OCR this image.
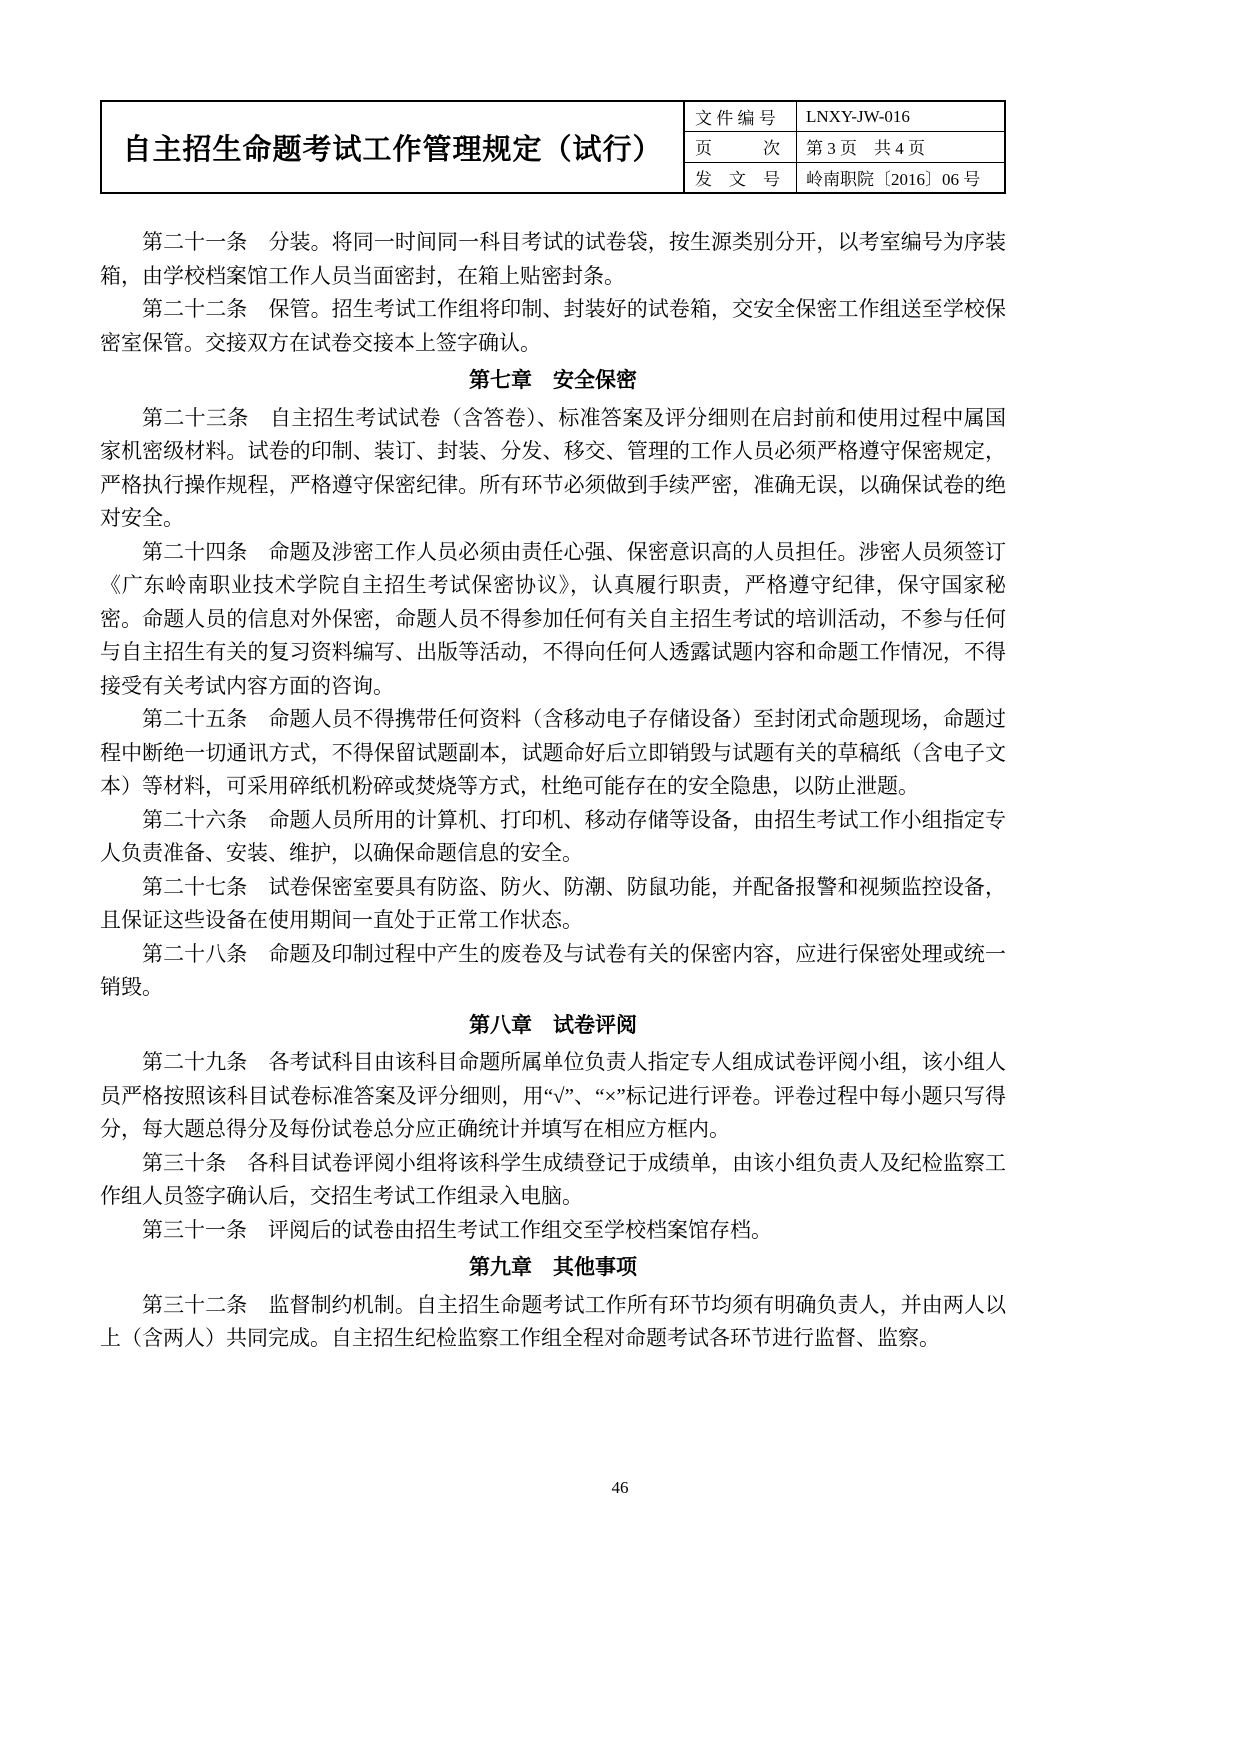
自主招生命题考试工作管理规定（试行）
文 件 编 号	LNXY-JW-016
页　　　次	第 3 页　共 4 页
发　文　号	岭南职院〔2016〕06 号

第二十一条　分装。将同一时间同一科目考试的试卷袋，按生源类别分开，以考室编号为序装箱，由学校档案馆工作人员当面密封，在箱上贴密封条。

第二十二条　保管。招生考试工作组将印制、封装好的试卷箱，交安全保密工作组送至学校保密室保管。交接双方在试卷交接本上签字确认。

第七章　安全保密

第二十三条　自主招生考试试卷（含答卷）、标准答案及评分细则在启封前和使用过程中属国家机密级材料。试卷的印制、装订、封装、分发、移交、管理的工作人员必须严格遵守保密规定，严格执行操作规程，严格遵守保密纪律。所有环节必须做到手续严密，准确无误，以确保试卷的绝对安全。

第二十四条　命题及涉密工作人员必须由责任心强、保密意识高的人员担任。涉密人员须签订《广东岭南职业技术学院自主招生考试保密协议》，认真履行职责，严格遵守纪律，保守国家秘密。命题人员的信息对外保密，命题人员不得参加任何有关自主招生考试的培训活动，不参与任何与自主招生有关的复习资料编写、出版等活动，不得向任何人透露试题内容和命题工作情况，不得接受有关考试内容方面的咨询。

第二十五条　命题人员不得携带任何资料（含移动电子存储设备）至封闭式命题现场，命题过程中断绝一切通讯方式，不得保留试题副本，试题命好后立即销毁与试题有关的草稿纸（含电子文本）等材料，可采用碎纸机粉碎或焚烧等方式，杜绝可能存在的安全隐患，以防止泄题。

第二十六条　命题人员所用的计算机、打印机、移动存储等设备，由招生考试工作小组指定专人负责准备、安装、维护，以确保命题信息的安全。

第二十七条　试卷保密室要具有防盗、防火、防潮、防鼠功能，并配备报警和视频监控设备，且保证这些设备在使用期间一直处于正常工作状态。

第二十八条　命题及印制过程中产生的废卷及与试卷有关的保密内容，应进行保密处理或统一销毁。

第八章　试卷评阅

第二十九条　各考试科目由该科目命题所属单位负责人指定专人组成试卷评阅小组，该小组人员严格按照该科目试卷标准答案及评分细则，用“√”、“×”标记进行评卷。评卷过程中每小题只写得分，每大题总得分及每份试卷总分应正确统计并填写在相应方框内。

第三十条　各科目试卷评阅小组将该科学生成绩登记于成绩单，由该小组负责人及纪检监察工作组人员签字确认后，交招生考试工作组录入电脑。

第三十一条　评阅后的试卷由招生考试工作组交至学校档案馆存档。

第九章　其他事项

第三十二条　监督制约机制。自主招生命题考试工作所有环节均须有明确负责人，并由两人以上（含两人）共同完成。自主招生纪检监察工作组全程对命题考试各环节进行监督、监察。

46
